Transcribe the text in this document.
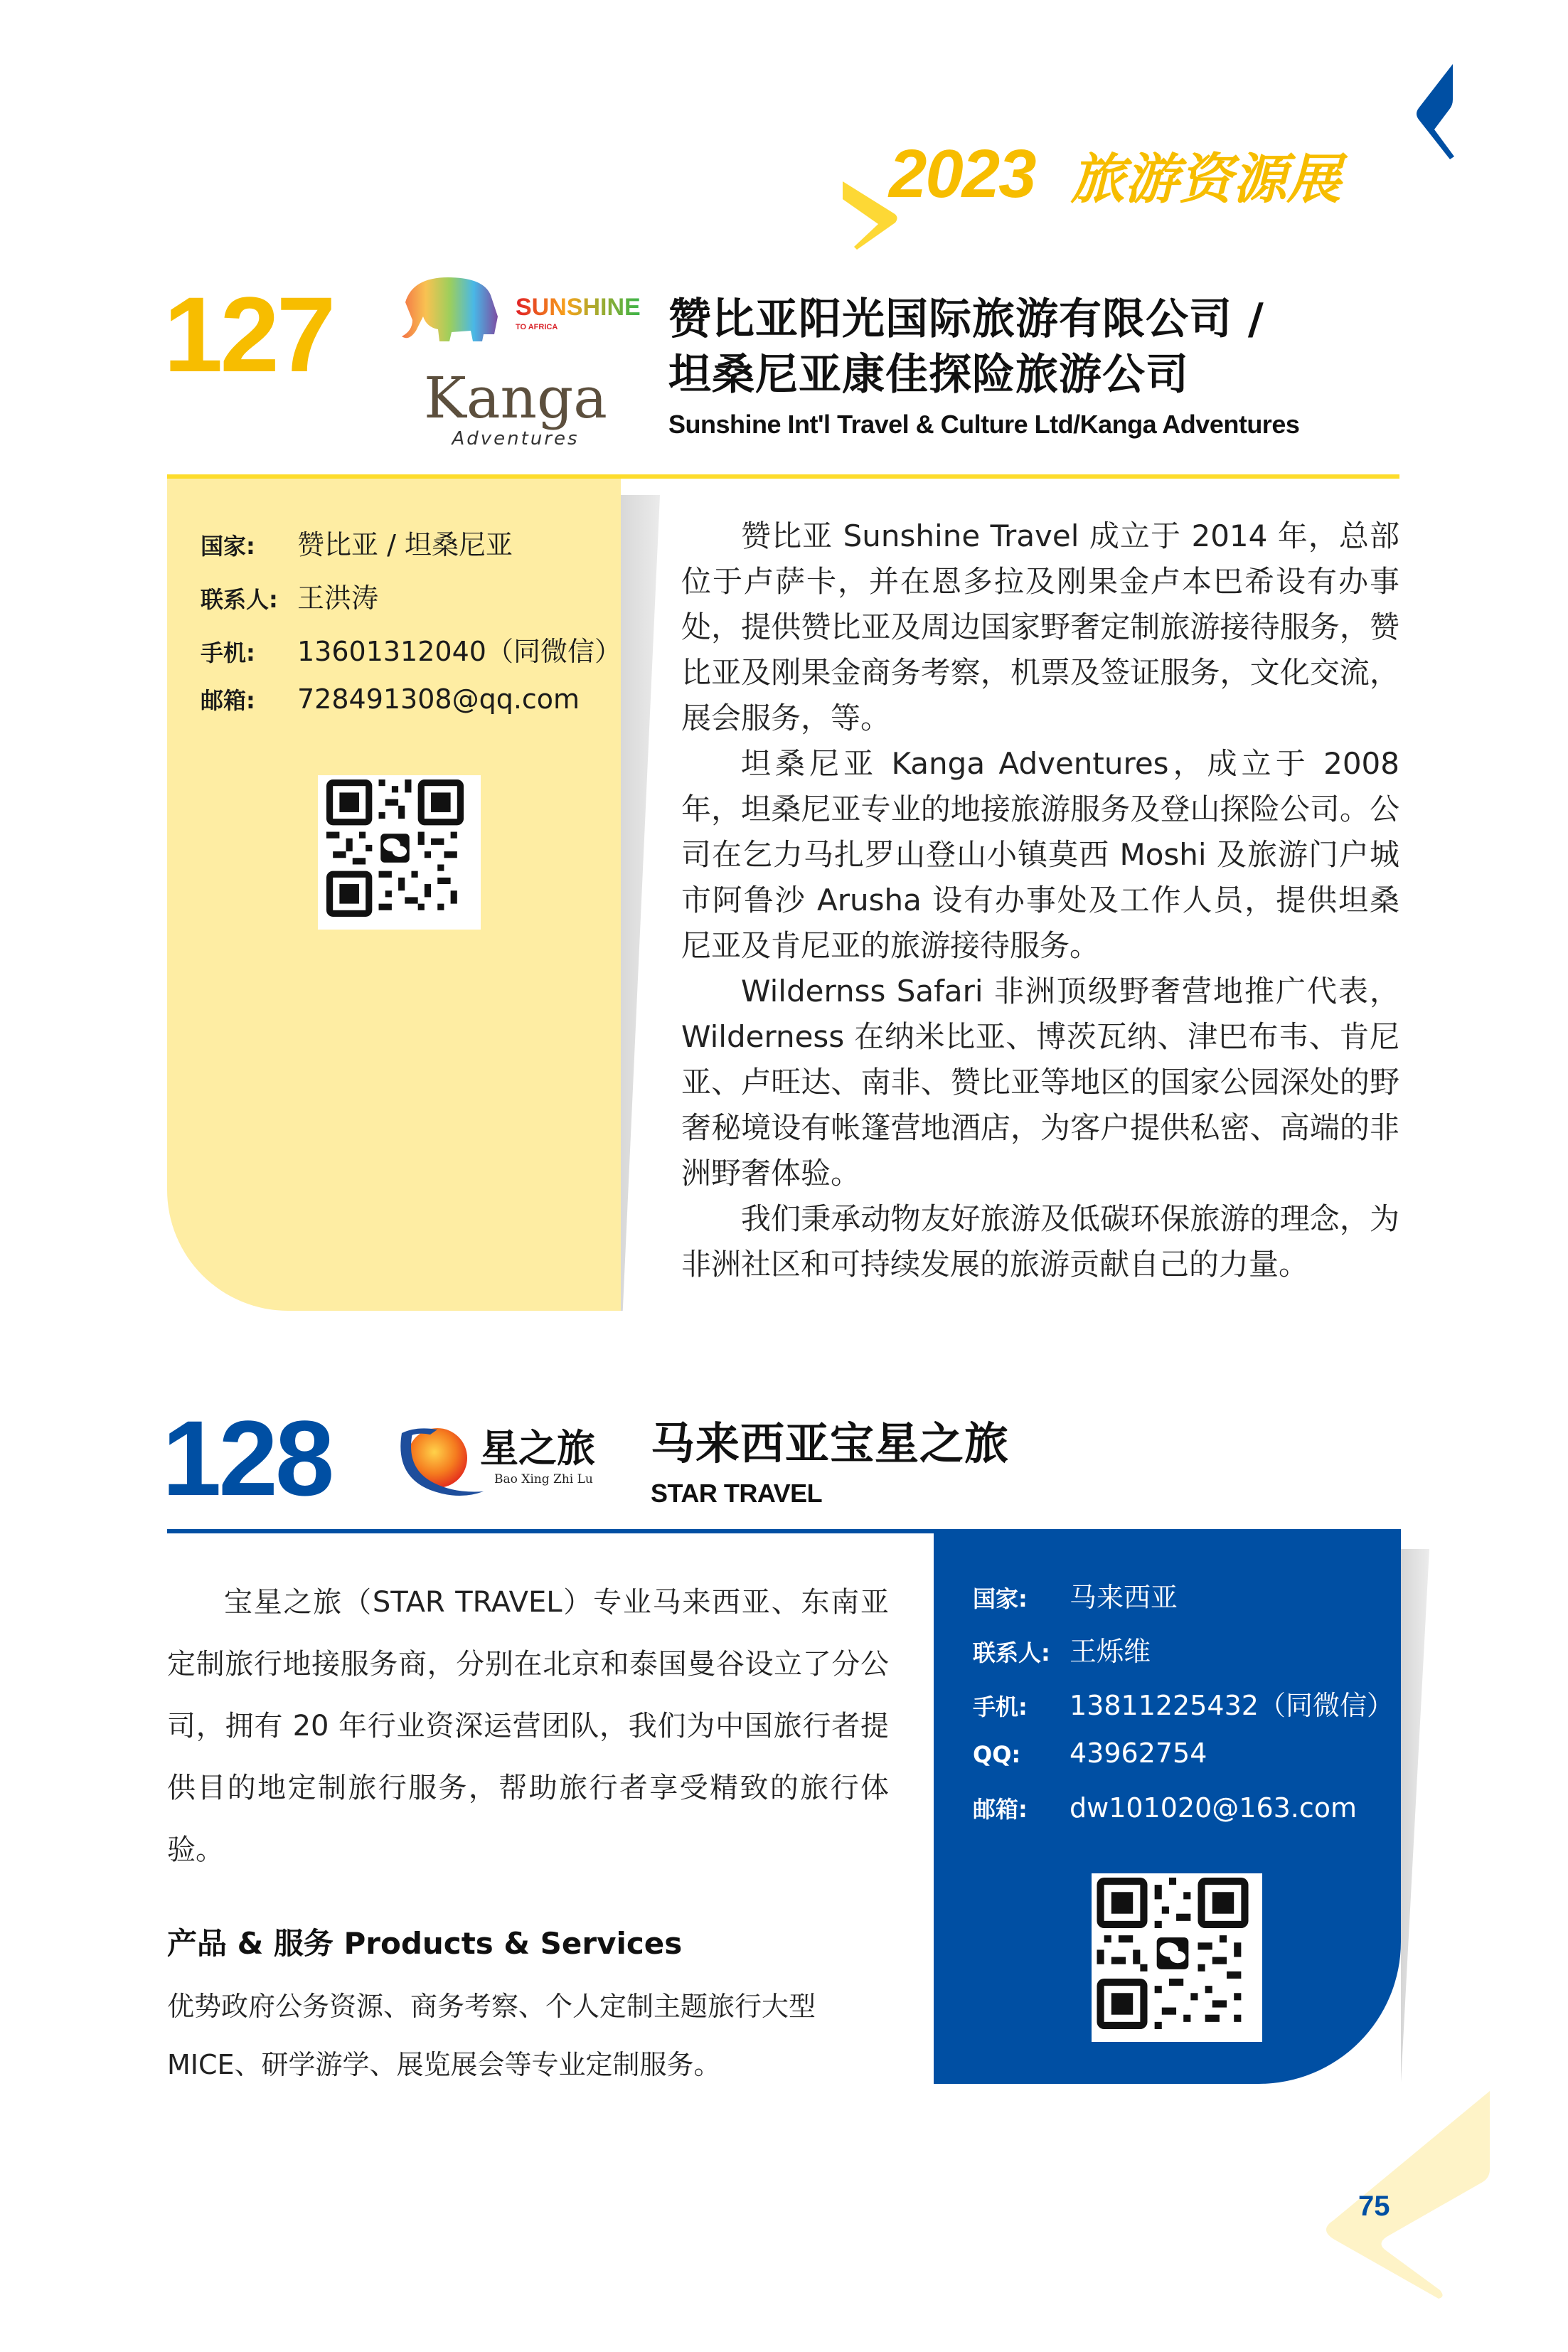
2023 旅游资源展
127	SUNSHINE
TO AFRICA
Kanga
Adventures
赞比亚阳光国际旅游有限公司 /
坦桑尼亚康佳探险旅游公司
Sunshine Int'l Travel & Culture Ltd/Kanga Adventures
国家:	赞比亚 / 坦桑尼亚
联系人: 王洪涛
手机:	13601312040（同微信）
邮箱:	728491308@qq.com

赞比亚 Sunshine Travel 成立于 2014 年，总部位于卢萨卡，并在恩多拉及刚果金卢本巴希设有办事处，提供赞比亚及周边国家野奢定制旅游接待服务，赞比亚及刚果金商务考察，机票及签证服务，文化交流，展会服务，等。

坦桑尼亚 Kanga Adventures，成立于 2008 年，坦桑尼亚专业的地接旅游服务及登山探险公司。公司在乞力马扎罗山登山小镇莫西 Moshi 及旅游门户城市阿鲁沙 Arusha 设有办事处及工作人员，提供坦桑尼亚及肯尼亚的旅游接待服务。

Wildernss Safari 非洲顶级野奢营地推广代表，Wilderness 在纳米比亚、博茨瓦纳、津巴布韦、肯尼亚、卢旺达、南非、赞比亚等地区的国家公园深处的野奢秘境设有帐篷营地酒店，为客户提供私密、高端的非洲野奢体验。

我们秉承动物友好旅游及低碳环保旅游的理念，为非洲社区和可持续发展的旅游贡献自己的力量。

128	星之旅
Bao Xing Zhi Lu
马来西亚宝星之旅
STAR TRAVEL

宝星之旅（STAR TRAVEL）专业马来西亚、东南亚定制旅行地接服务商，分别在北京和泰国曼谷设立了分公司，拥有 20 年行业资深运营团队，我们为中国旅行者提供目的地定制旅行服务，帮助旅行者享受精致的旅行体验。

产品 & 服务 Products & Services
优势政府公务资源、商务考察、个人定制主题旅行大型 MICE、研学游学、展览展会等专业定制服务。
国家:	马来西亚
联系人: 王烁维
手机:	13811225432（同微信）
QQ:	43962754
邮箱:	dw101020@163.com
75
